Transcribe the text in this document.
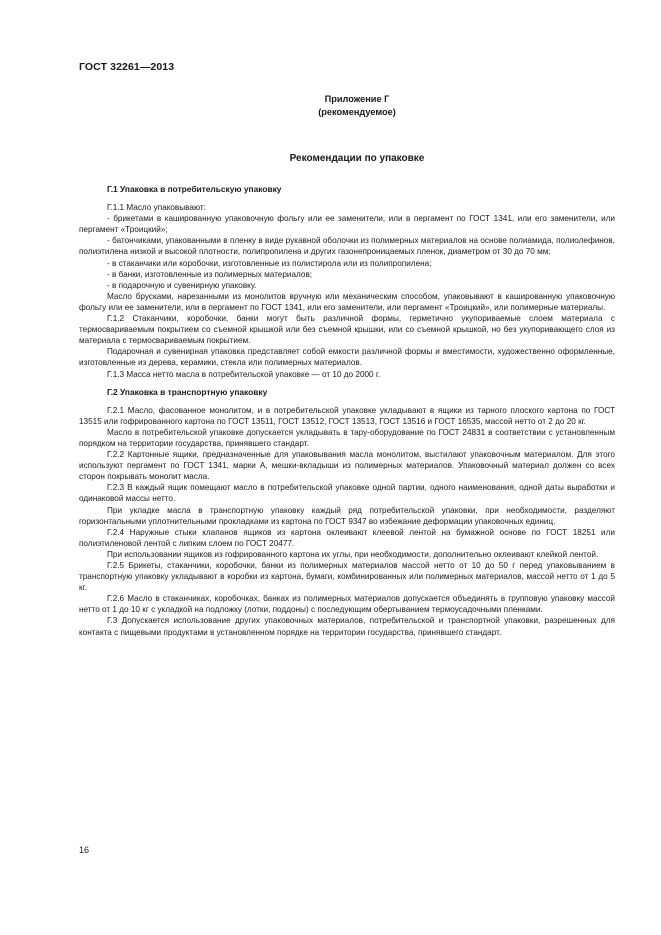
ГОСТ 32261—2013
Приложение Г
(рекомендуемое)
Рекомендации по упаковке

Г.1 Упаковка в потребительскую упаковку

Г.1.1 Масло упаковывают:

- брикетами в кашированную упаковочную фольгу или ее заменители, или в пергамент по ГОСТ 1341, или его заменители, или пергамент «Троицкий»;

- батончиками, упакованными в пленку в виде рукавной оболочки из полимерных материалов на основе полиамида, полиолефинов, полиэтилена низкой и высокой плотности, полипропилена и других газонепроницаемых пленок, диаметром от 30 до 70 мм;

- в стаканчики или коробочки, изготовленные из полистирола или из полипропилена;

- в банки, изготовленные из полимерных материалов;

- в подарочную и сувенирную упаковку.

Масло брусками, нарезанными из монолитов вручную или механическим способом, упаковывают в кашированную упаковочную фольгу или ее заменители, или в пергамент по ГОСТ 1341, или его заменители, или пергамент «Троицкий», или полимерные материалы.

Г.1.2 Стаканчики, коробочки, банки могут быть различной формы, герметично укупориваемые слоем материала с термосвариваемым покрытием со съемной крышкой или без съемной крышки, или со съемной крышкой, но без укупоривающего слоя из материала с термосвариваемым покрытием.

Подарочная и сувенирная упаковка представляет собой емкости различной формы и вместимости, художественно оформленные, изготовленные из дерева, керамики, стекла или полимерных материалов.

Г.1.3 Масса нетто масла в потребительской упаковке — от 10 до 2000 г.

Г.2 Упаковка в транспортную упаковку

Г.2.1 Масло, фасованное монолитом, и в потребительской упаковке укладывают в ящики из тарного плоского картона по ГОСТ 13515 или гофрированного картона по ГОСТ 13511, ГОСТ 13512, ГОСТ 13513, ГОСТ 13516 и ГОСТ 16535, массой нетто от 2 до 20 кг.

Масло в потребительской упаковке допускается укладывать в тару-оборудование по ГОСТ 24831 в соответствии с установленным порядком на территории государства, принявшего стандарт.

Г.2.2 Картонные ящики, предназначенные для упаковывания масла монолитом, выстилают упаковочным материалом. Для этого используют пергамент по ГОСТ 1341, марки А, мешки-вкладыши из полимерных материалов. Упаковочный материал должен со всех сторон покрывать монолит масла.

Г.2.3 В каждый ящик помещают масло в потребительской упаковке одной партии, одного наименования, одной даты выработки и одинаковой массы нетто.

При укладке масла в транспортную упаковку каждый ряд потребительской упаковки, при необходимости, разделяют горизонтальными уплотнительными прокладками из картона по ГОСТ 9347 во избежание деформации упаковочных единиц.

Г.2.4 Наружные стыки клапанов ящиков из картона оклеивают клеевой лентой на бумажной основе по ГОСТ 18251 или полиэтиленовой лентой с липким слоем по ГОСТ 20477.

При использовании ящиков из гофрированного картона их углы, при необходимости, дополнительно оклеивают клейкой лентой.

Г.2.5 Брикеты, стаканчики, коробочки, банки из полимерных материалов массой нетто от 10 до 50 г перед упаковыванием в транспортную упаковку укладывают в коробки из картона, бумаги, комбинированных или полимерных материалов, массой нетто от 1 до 5 кг.

Г.2.6 Масло в стаканчиках, коробочках, банках из полимерных материалов допускается объединять в групповую упаковку массой нетто от 1 до 10 кг с укладкой на подложку (лотки, поддоны) с последующим обертыванием термоусадочными пленками.

Г.3 Допускается использование других упаковочных материалов, потребительской и транспортной упаковки, разрешенных для контакта с пищевыми продуктами в установленном порядке на территории государства, принявшего стандарт.

16
